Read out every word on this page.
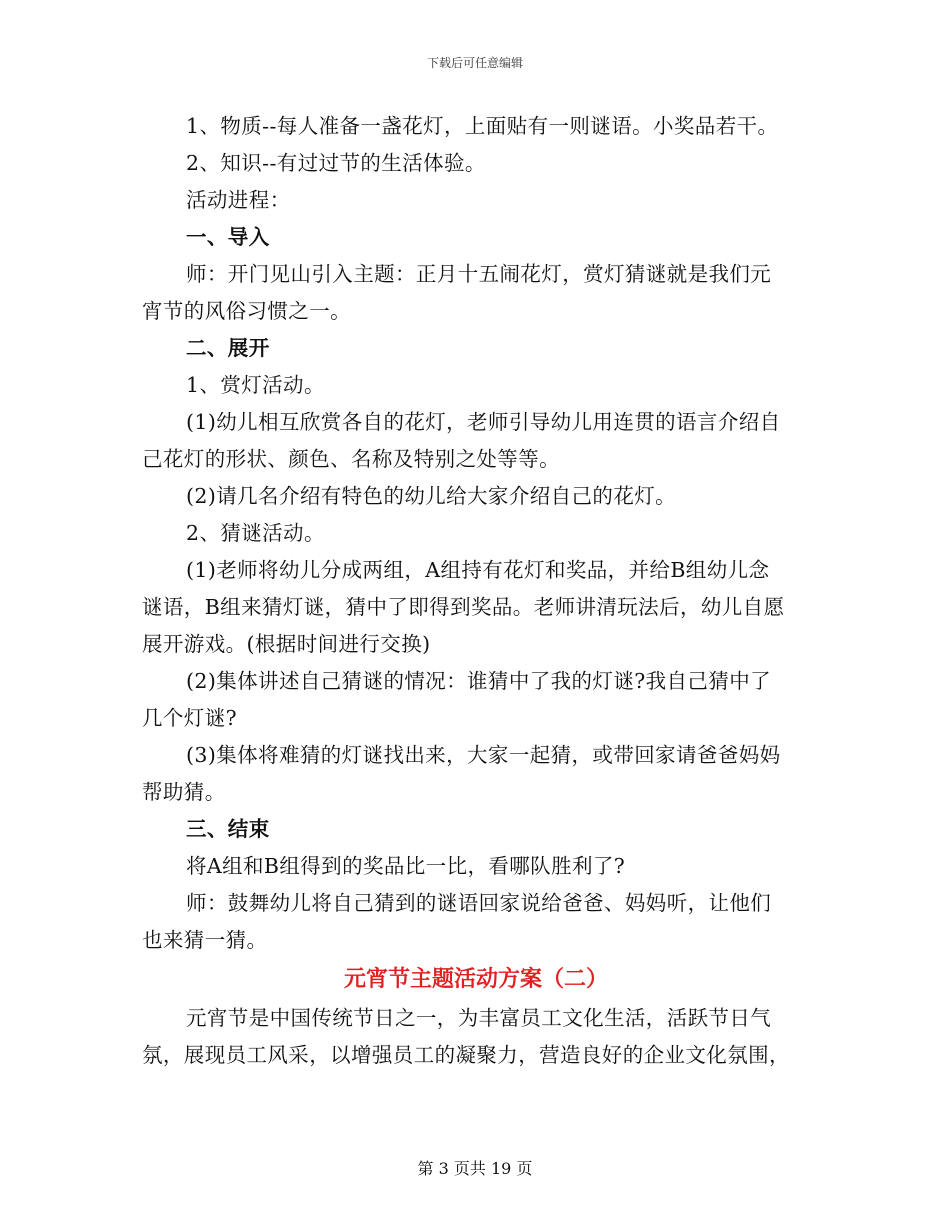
下载后可任意编辑
1、物质--每人准备一盏花灯，上面贴有一则谜语。小奖品若干。
2、知识--有过过节的生活体验。
活动进程：
一、导入
师：开门见山引入主题：正月十五闹花灯，赏灯猜谜就是我们元
宵节的风俗习惯之一。
二、展开
1、赏灯活动。
(1)幼儿相互欣赏各自的花灯，老师引导幼儿用连贯的语言介绍自
己花灯的形状、颜色、名称及特别之处等等。
(2)请几名介绍有特色的幼儿给大家介绍自己的花灯。
2、猜谜活动。
(1)老师将幼儿分成两组，A组持有花灯和奖品，并给B组幼儿念
谜语，B组来猜灯谜，猜中了即得到奖品。老师讲清玩法后，幼儿自愿
展开游戏。(根据时间进行交换)
(2)集体讲述自己猜谜的情况：谁猜中了我的灯谜?我自己猜中了
几个灯谜?
(3)集体将难猜的灯谜找出来，大家一起猜，或带回家请爸爸妈妈
帮助猜。
三、结束
将A组和B组得到的奖品比一比，看哪队胜利了?
师：鼓舞幼儿将自己猜到的谜语回家说给爸爸、妈妈听，让他们
也来猜一猜。
元宵节主题活动方案（二）
元宵节是中国传统节日之一，为丰富员工文化生活，活跃节日气
氛，展现员工风采，以增强员工的凝聚力，营造良好的企业文化氛围，
第 3 页共 19 页
